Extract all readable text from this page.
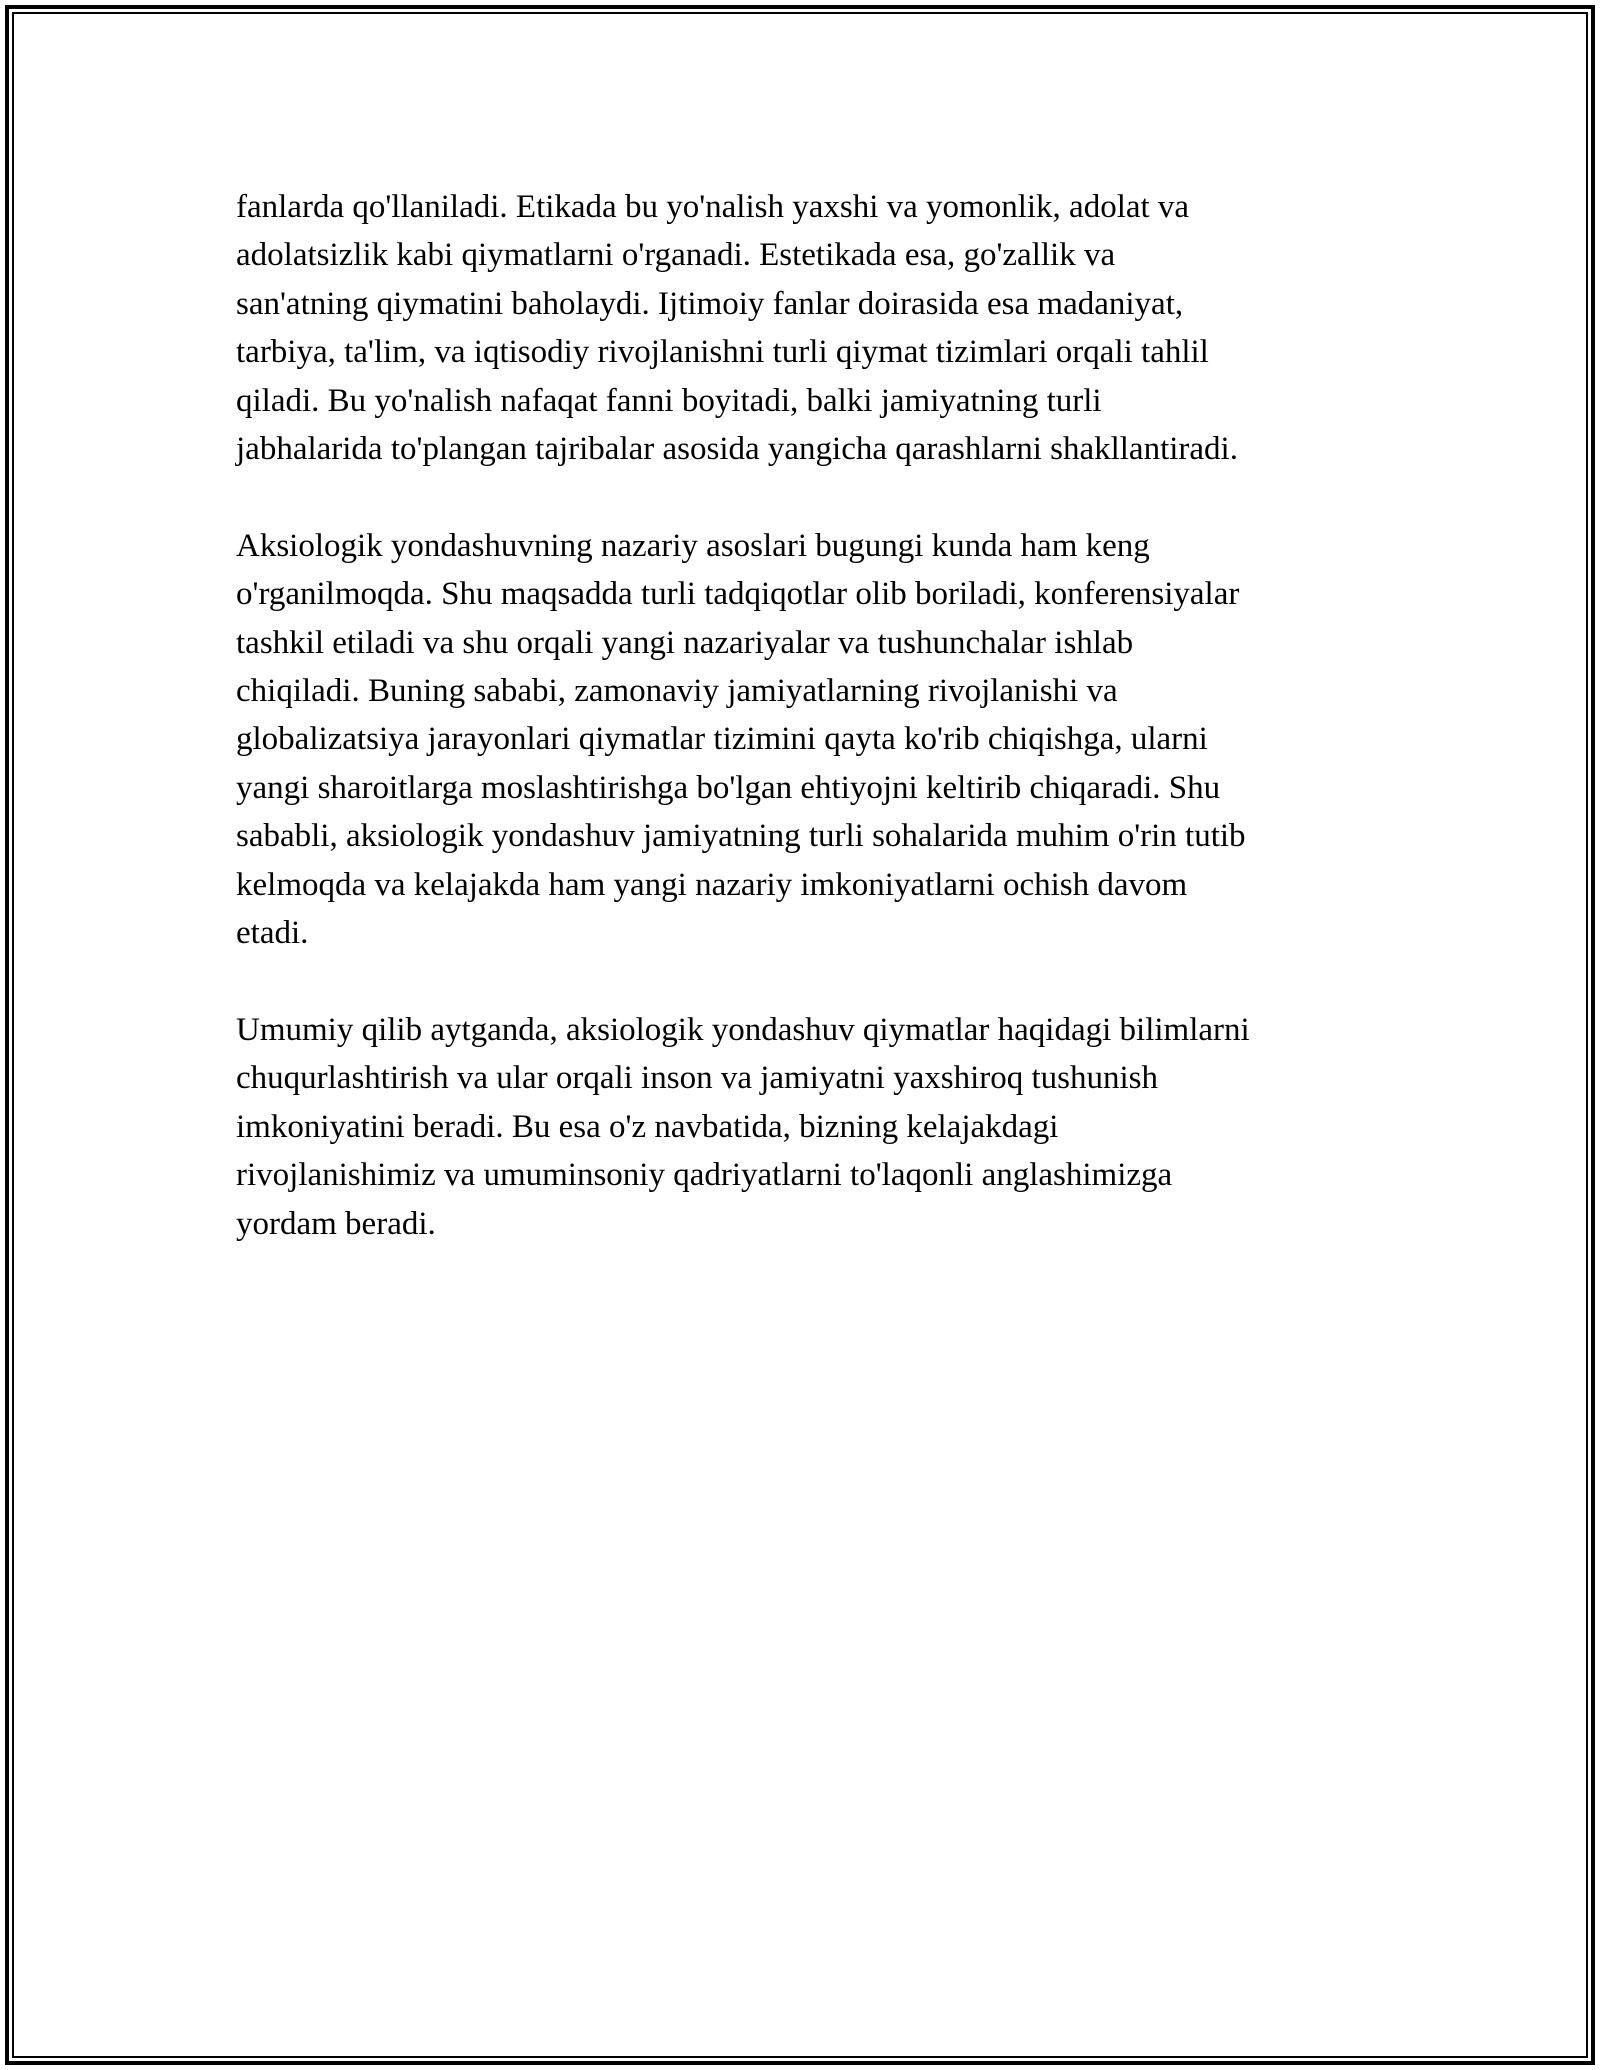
fanlarda qo'llaniladi. Etikada bu yo'nalish yaxshi va yomonlik, adolat va
adolatsizlik kabi qiymatlarni o'rganadi. Estetikada esa, go'zallik va
san'atning qiymatini baholaydi. Ijtimoiy fanlar doirasida esa madaniyat,
tarbiya, ta'lim, va iqtisodiy rivojlanishni turli qiymat tizimlari orqali tahlil
qiladi. Bu yo'nalish nafaqat fanni boyitadi, balki jamiyatning turli
jabhalarida to'plangan tajribalar asosida yangicha qarashlarni shakllantiradi.

Aksiologik yondashuvning nazariy asoslari bugungi kunda ham keng
o'rganilmoqda. Shu maqsadda turli tadqiqotlar olib boriladi, konferensiyalar
tashkil etiladi va shu orqali yangi nazariyalar va tushunchalar ishlab
chiqiladi. Buning sababi, zamonaviy jamiyatlarning rivojlanishi va
globalizatsiya jarayonlari qiymatlar tizimini qayta ko'rib chiqishga, ularni
yangi sharoitlarga moslashtirishga bo'lgan ehtiyojni keltirib chiqaradi. Shu
sababli, aksiologik yondashuv jamiyatning turli sohalarida muhim o'rin tutib
kelmoqda va kelajakda ham yangi nazariy imkoniyatlarni ochish davom
etadi.

Umumiy qilib aytganda, aksiologik yondashuv qiymatlar haqidagi bilimlarni
chuqurlashtirish va ular orqali inson va jamiyatni yaxshiroq tushunish
imkoniyatini beradi. Bu esa o'z navbatida, bizning kelajakdagi
rivojlanishimiz va umuminsoniy qadriyatlarni to'laqonli anglashimizga
yordam beradi.
